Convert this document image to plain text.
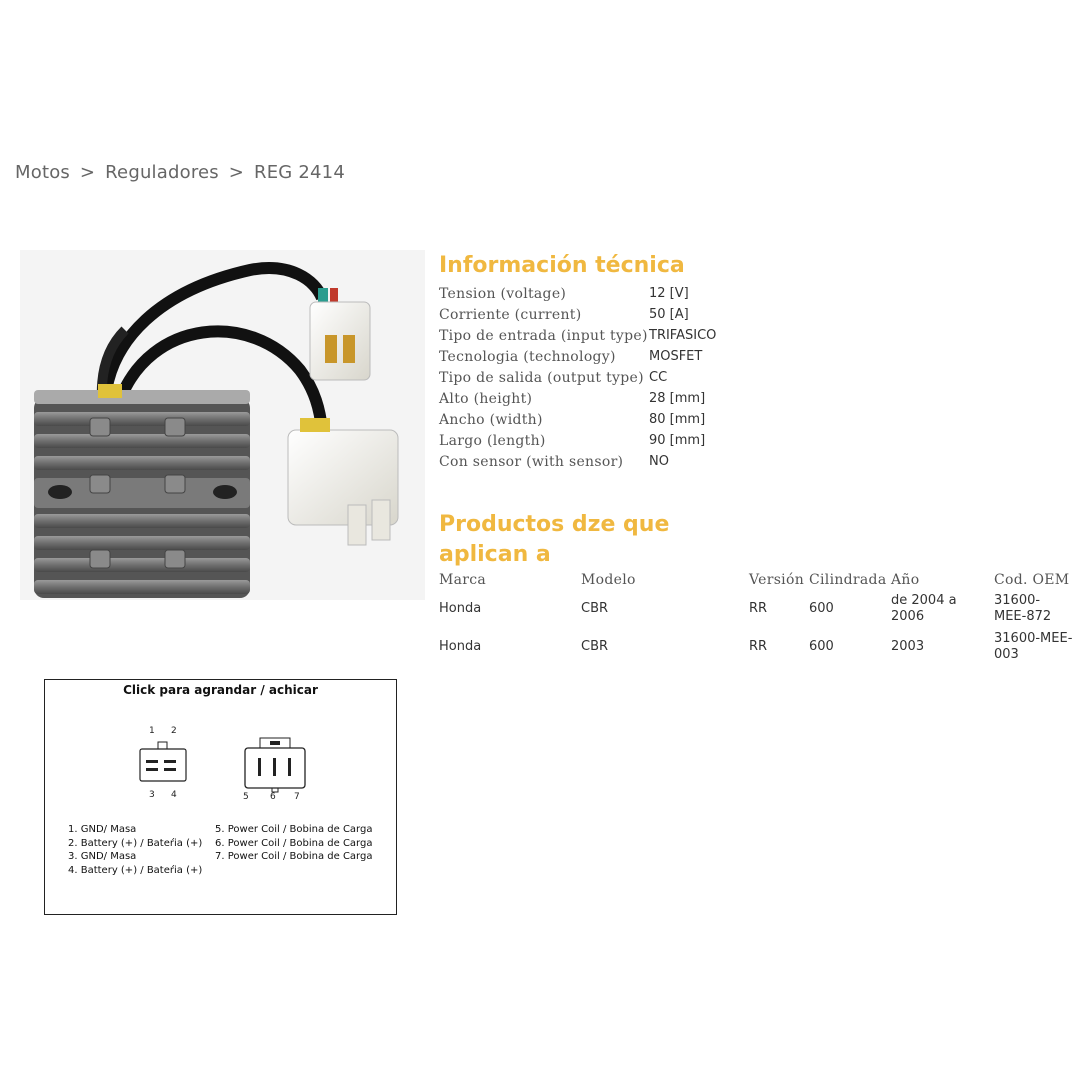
Motos > Reguladores > REG 2414
Información técnica
Tension (voltage)	12 [V]
Corriente (current)	50 [A]
Tipo de entrada (input type)	TRIFASICO
Tecnologia (technology)	MOSFET
Tipo de salida (output type)	CC
Alto (height)	28 [mm]
Ancho (width)	80 [mm]
Largo (length)	90 [mm]
Con sensor (with sensor)	NO
Productos dze que aplican a
Marca	Modelo	Versión	Cilindrada	Año	Cod. OEM
Honda	CBR	RR	600	de 2004 a 2006	31600-MEE-872
Honda	CBR	RR	600	2003	31600-MEE-003
Click para agrandar / achicar
1 2
3 4	5 6 7
1. GND/ Masa
2. Battery (+) / Bateŕia (+)
3. GND/ Masa
4. Battery (+) / Bateŕia (+)
5. Power Coil / Bobina de Carga
6. Power Coil / Bobina de Carga
7. Power Coil / Bobina de Carga
